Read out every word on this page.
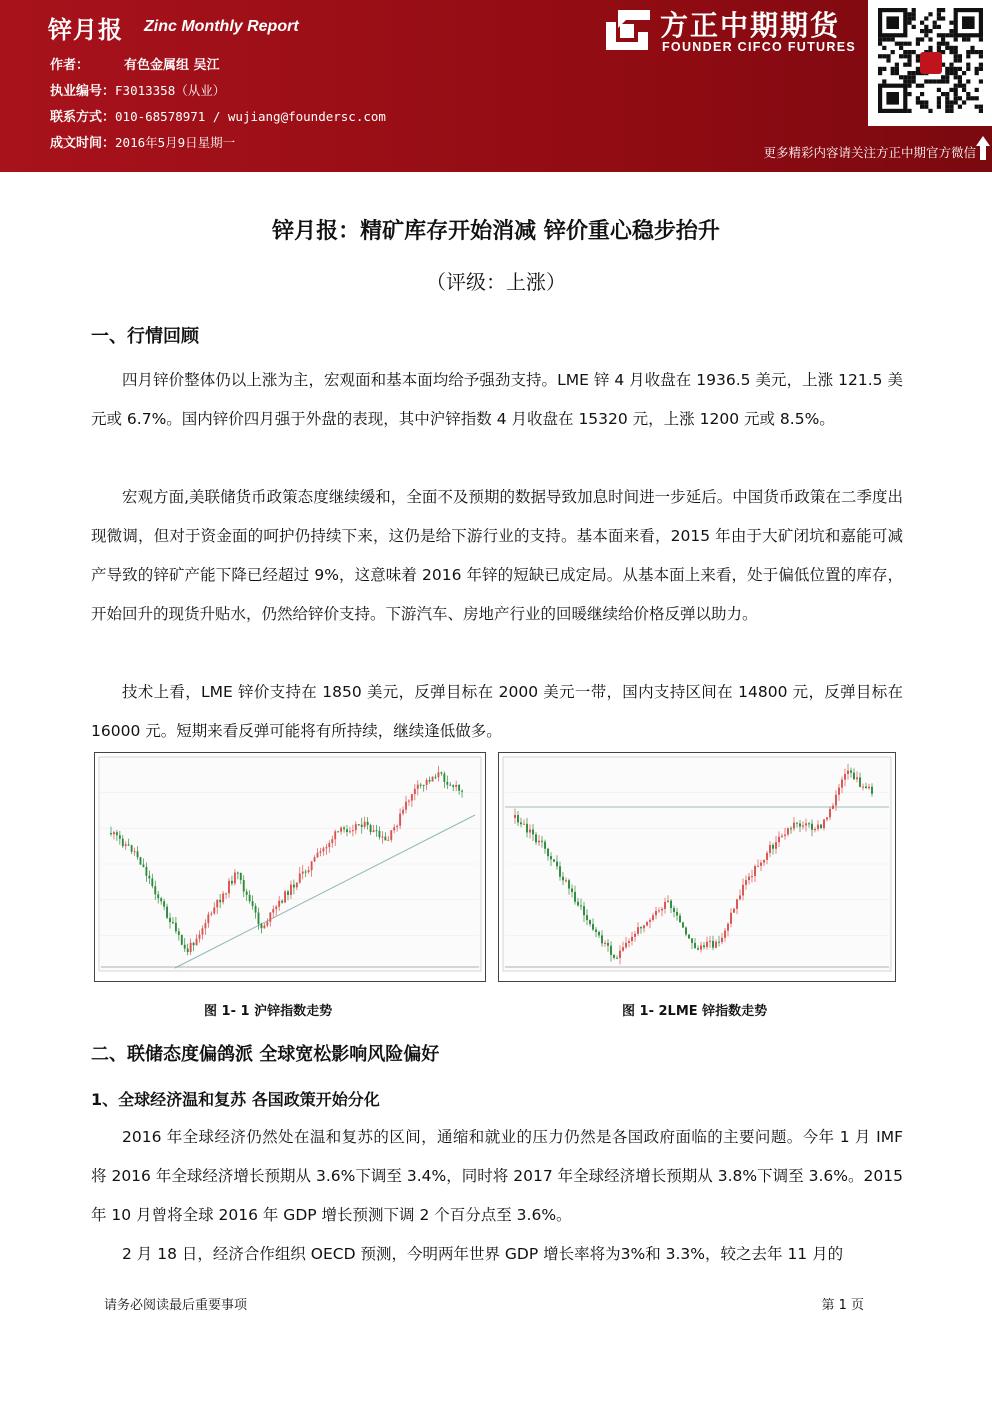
锌月报 Zinc Monthly Report
作者：	有色金属组 吴江
执业编号：F3013358（从业）
联系方式：010-68578971 / wujiang@foundersc.com
成文时间：2016年5月9日星期一
方正中期期货
FOUNDER CIFCO FUTURES
更多精彩内容请关注方正中期官方微信
锌月报：精矿库存开始消减 锌价重心稳步抬升
（评级：上涨）
一、行情回顾

四月锌价整体仍以上涨为主，宏观面和基本面均给予强劲支持。LME 锌 4 月收盘在 1936.5 美元，上涨 121.5 美元或 6.7%。国内锌价四月强于外盘的表现，其中沪锌指数 4 月收盘在 15320 元，上涨 1200 元或 8.5%。

宏观方面,美联储货币政策态度继续缓和，全面不及预期的数据导致加息时间进一步延后。中国货币政策在二季度出现微调，但对于资金面的呵护仍持续下来，这仍是给下游行业的支持。基本面来看，2015 年由于大矿闭坑和嘉能可减产导致的锌矿产能下降已经超过 9%，这意味着 2016 年锌的短缺已成定局。从基本面上来看，处于偏低位置的库存，开始回升的现货升贴水，仍然给锌价支持。下游汽车、房地产行业的回暖继续给价格反弹以助力。

技术上看，LME 锌价支持在 1850 美元，反弹目标在 2000 美元一带，国内支持区间在 14800 元，反弹目标在 16000 元。短期来看反弹可能将有所持续，继续逢低做多。

图 1- 1 沪锌指数走势	图 1- 2LME 锌指数走势
二、联储态度偏鸽派 全球宽松影响风险偏好
1、全球经济温和复苏 各国政策开始分化

2016 年全球经济仍然处在温和复苏的区间，通缩和就业的压力仍然是各国政府面临的主要问题。今年 1 月 IMF 将 2016 年全球经济增长预期从 3.6%下调至 3.4%，同时将 2017 年全球经济增长预期从 3.8%下调至 3.6%。2015 年 10 月曾将全球 2016 年 GDP 增长预测下调 2 个百分点至 3.6%。

2 月 18 日，经济合作组织 OECD 预测，今明两年世界 GDP 增长率将为3%和 3.3%，较之去年 11 月的

请务必阅读最后重要事项	第 1 页
